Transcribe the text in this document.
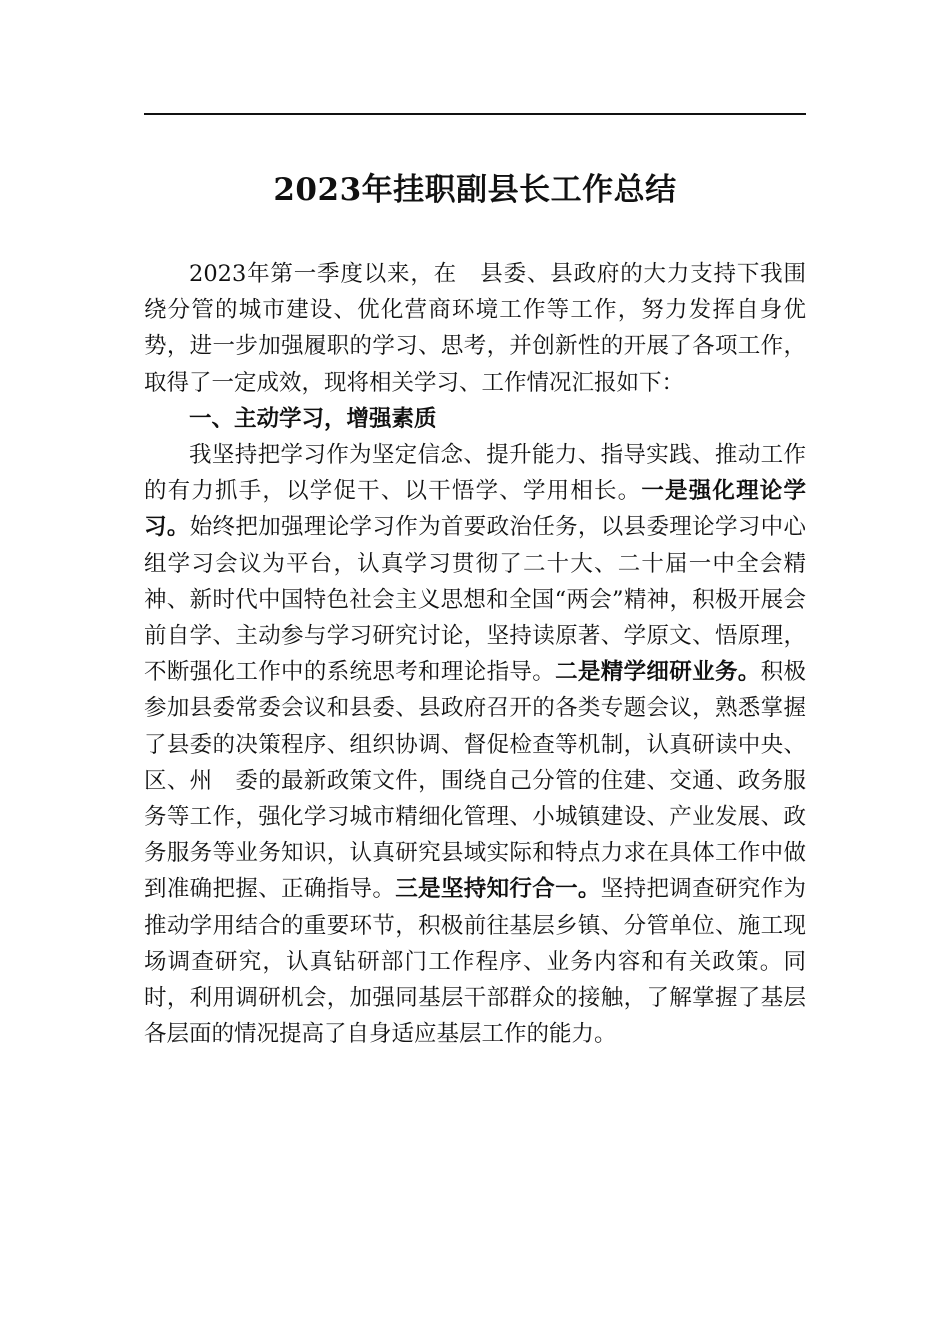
2023年挂职副县长工作总结

2023年第一季度以来，在　县委、县政府的大力支持下我围绕分管的城市建设、优化营商环境工作等工作，努力发挥自身优势，进一步加强履职的学习、思考，并创新性的开展了各项工作，取得了一定成效，现将相关学习、工作情况汇报如下：

一、主动学习，增强素质

我坚持把学习作为坚定信念、提升能力、指导实践、推动工作的有力抓手，以学促干、以干悟学、学用相长。一是强化理论学习。始终把加强理论学习作为首要政治任务，以县委理论学习中心组学习会议为平台，认真学习贯彻了二十大、二十届一中全会精神、新时代中国特色社会主义思想和全国“两会”精神，积极开展会前自学、主动参与学习研究讨论，坚持读原著、学原文、悟原理，不断强化工作中的系统思考和理论指导。二是精学细研业务。积极参加县委常委会议和县委、县政府召开的各类专题会议，熟悉掌握了县委的决策程序、组织协调、督促检查等机制，认真研读中央、区、州　委的最新政策文件，围绕自己分管的住建、交通、政务服务等工作，强化学习城市精细化管理、小城镇建设、产业发展、政务服务等业务知识，认真研究县域实际和特点力求在具体工作中做到准确把握、正确指导。三是坚持知行合一。坚持把调查研究作为推动学用结合的重要环节，积极前往基层乡镇、分管单位、施工现场调查研究，认真钻研部门工作程序、业务内容和有关政策。同时，利用调研机会，加强同基层干部群众的接触，了解掌握了基层各层面的情况提高了自身适应基层工作的能力。
